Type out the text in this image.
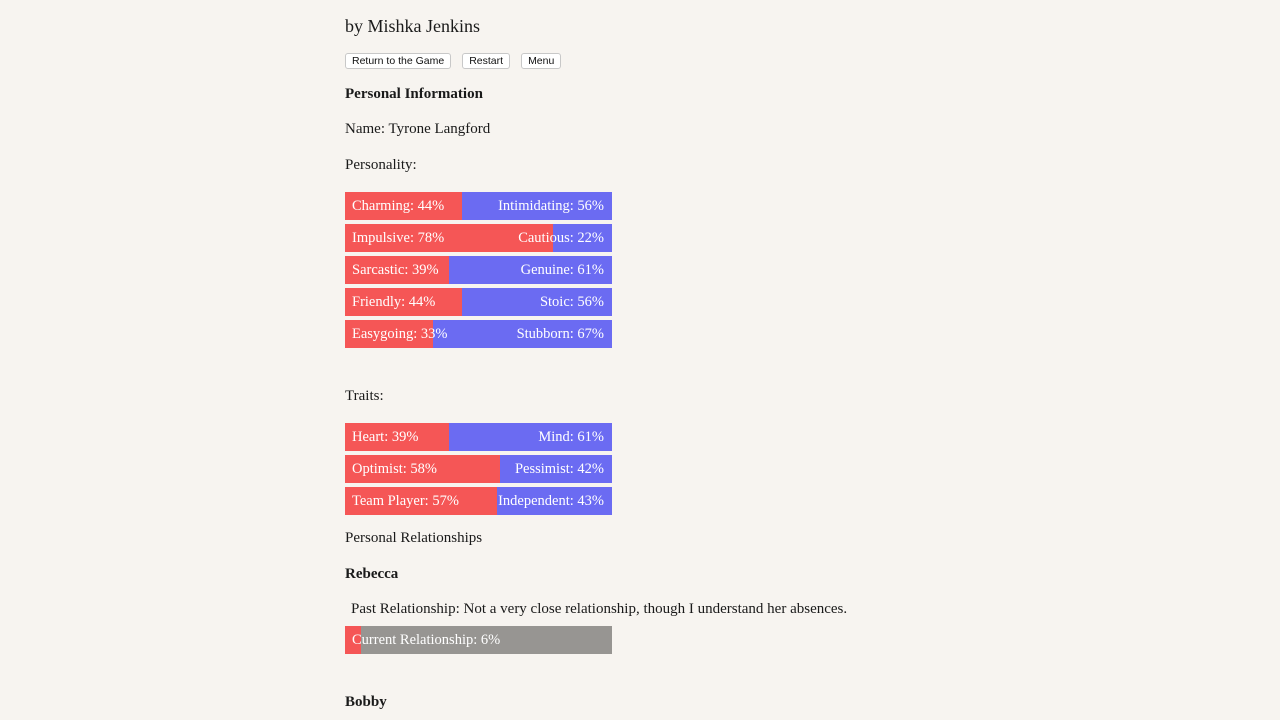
by Mishka Jenkins
Return to the Game	Restart	Menu
Personal Information
Name: Tyrone Langford
Personality:
Charming: 44%	Intimidating: 56%
Impulsive: 78%	Cautious: 22%
Sarcastic: 39%	Genuine: 61%
Friendly: 44%	Stoic: 56%
Easygoing: 33%	Stubborn: 67%
Traits:
Heart: 39%	Mind: 61%
Optimist: 58%	Pessimist: 42%
Team Player: 57%	Independent: 43%
Personal Relationships
Rebecca
Past Relationship: Not a very close relationship, though I understand her absences.
Current Relationship: 6%
Bobby
